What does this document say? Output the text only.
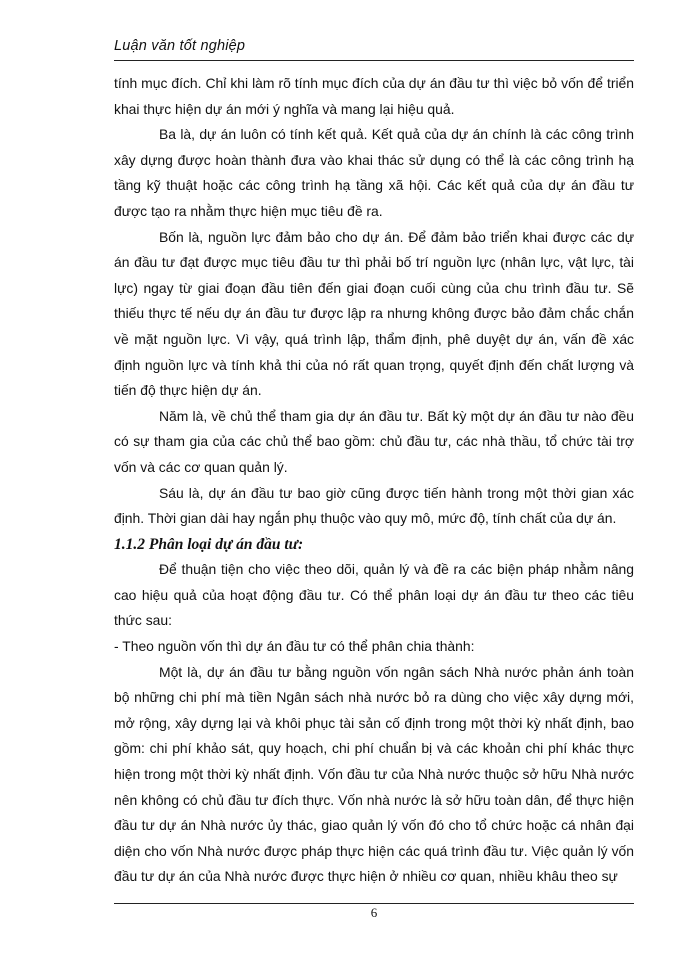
Luận văn tốt nghiệp

tính mục đích. Chỉ khi làm rõ tính mục đích của dự án đầu tư thì việc bỏ vốn để triển khai thực hiện dự án mới ý nghĩa và mang lại hiệu quả.

Ba là, dự án luôn có tính kết quả. Kết quả của dự án chính là các công trình xây dựng được hoàn thành đưa vào khai thác sử dụng có thể là các công trình hạ tầng kỹ thuật hoặc các công trình hạ tầng xã hội. Các kết quả của dự án đầu tư được tạo ra nhằm thực hiện mục tiêu đề ra.

Bốn là, nguồn lực đảm bảo cho dự án. Để đảm bảo triển khai được các dự án đầu tư đạt được mục tiêu đầu tư thì phải bố trí nguồn lực (nhân lực, vật lực, tài lực) ngay từ giai đoạn đầu tiên đến giai đoạn cuối cùng của chu trình đầu tư. Sẽ thiếu thực tế nếu dự án đầu tư được lập ra nhưng không được bảo đảm chắc chắn về mặt nguồn lực. Vì vậy, quá trình lập, thẩm định, phê duyệt dự án, vấn đề xác định nguồn lực và tính khả thi của nó rất quan trọng, quyết định đến chất lượng và tiến độ thực hiện dự án.

Năm là, về chủ thể tham gia dự án đầu tư. Bất kỳ một dự án đầu tư nào đều có sự tham gia của các chủ thể bao gồm: chủ đầu tư, các nhà thầu, tổ chức tài trợ vốn và các cơ quan quản lý.

Sáu là, dự án đầu tư bao giờ cũng được tiến hành trong một thời gian xác định. Thời gian dài hay ngắn phụ thuộc vào quy mô, mức độ, tính chất của dự án.

1.1.2 Phân loại dự án đầu tư:

Để thuận tiện cho việc theo dõi, quản lý và đề ra các biện pháp nhằm nâng cao hiệu quả của hoạt động đầu tư. Có thể phân loại dự án đầu tư theo các tiêu thức sau:

- Theo nguồn vốn thì dự án đầu tư có thể phân chia thành:

Một là, dự án đầu tư bằng nguồn vốn ngân sách Nhà nước phản ánh toàn bộ những chi phí mà tiền Ngân sách nhà nước bỏ ra dùng cho việc xây dựng mới, mở rộng, xây dựng lại và khôi phục tài sản cố định trong một thời kỳ nhất định, bao gồm: chi phí khảo sát, quy hoạch, chi phí chuẩn bị và các khoản chi phí khác thực hiện trong một thời kỳ nhất định. Vốn đầu tư của Nhà nước thuộc sở hữu Nhà nước nên không có chủ đầu tư đích thực. Vốn nhà nước là sở hữu toàn dân, để thực hiện đầu tư dự án Nhà nước ủy thác, giao quản lý vốn đó cho tổ chức hoặc cá nhân đại diện cho vốn Nhà nước được pháp thực hiện các quá trình đầu tư. Việc quản lý vốn đầu tư dự án của Nhà nước được thực hiện ở nhiều cơ quan, nhiều khâu theo sự

6
